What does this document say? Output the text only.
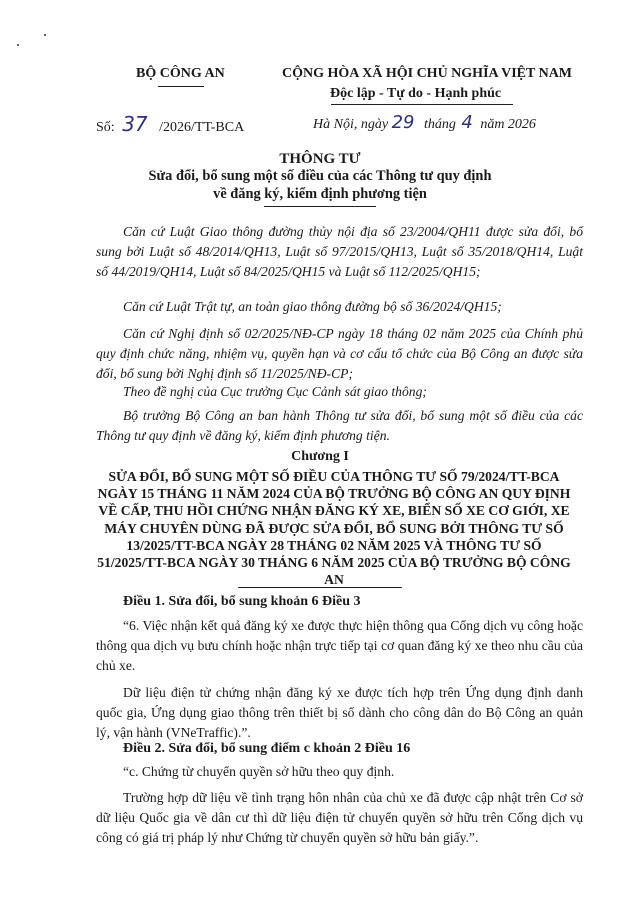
BỘ CÔNG AN	CỘNG HÒA XÃ HỘI CHỦ NGHĨA VIỆT NAM
Độc lập - Tự do - Hạnh phúc
Số: 37 /2026/TT-BCA	Hà Nội, ngày 29 tháng 4 năm 2026
THÔNG TƯ
Sửa đổi, bổ sung một số điều của các Thông tư quy định
về đăng ký, kiểm định phương tiện
Căn cứ Luật Giao thông đường thủy nội địa số 23/2004/QH11 được sửa đổi, bổ sung bởi Luật số 48/2014/QH13, Luật số 97/2015/QH13, Luật số 35/2018/QH14, Luật số 44/2019/QH14, Luật số 84/2025/QH15 và Luật số 112/2025/QH15;
Căn cứ Luật Trật tự, an toàn giao thông đường bộ số 36/2024/QH15;
Căn cứ Nghị định số 02/2025/NĐ-CP ngày 18 tháng 02 năm 2025 của Chính phủ quy định chức năng, nhiệm vụ, quyền hạn và cơ cấu tổ chức của Bộ Công an được sửa đổi, bổ sung bởi Nghị định số 11/2025/NĐ-CP;
Theo đề nghị của Cục trưởng Cục Cảnh sát giao thông;
Bộ trưởng Bộ Công an ban hành Thông tư sửa đổi, bổ sung một số điều của các Thông tư quy định về đăng ký, kiểm định phương tiện.
Chương I
SỬA ĐỔI, BỔ SUNG MỘT SỐ ĐIỀU CỦA THÔNG TƯ SỐ 79/2024/TT-BCA NGÀY 15 THÁNG 11 NĂM 2024 CỦA BỘ TRƯỞNG BỘ CÔNG AN QUY ĐỊNH VỀ CẤP, THU HỒI CHỨNG NHẬN ĐĂNG KÝ XE, BIỂN SỐ XE CƠ GIỚI, XE MÁY CHUYÊN DÙNG ĐÃ ĐƯỢC SỬA ĐỔI, BỔ SUNG BỞI THÔNG TƯ SỐ 13/2025/TT-BCA NGÀY 28 THÁNG 02 NĂM 2025 VÀ THÔNG TƯ SỐ 51/2025/TT-BCA NGÀY 30 THÁNG 6 NĂM 2025 CỦA BỘ TRƯỞNG BỘ CÔNG AN
Điều 1. Sửa đổi, bổ sung khoản 6 Điều 3
“6. Việc nhận kết quả đăng ký xe được thực hiện thông qua Cổng dịch vụ công hoặc thông qua dịch vụ bưu chính hoặc nhận trực tiếp tại cơ quan đăng ký xe theo nhu cầu của chủ xe.
Dữ liệu điện tử chứng nhận đăng ký xe được tích hợp trên Ứng dụng định danh quốc gia, Ứng dụng giao thông trên thiết bị số dành cho công dân do Bộ Công an quản lý, vận hành (VNeTraffic).”.
Điều 2. Sửa đổi, bổ sung điểm c khoản 2 Điều 16
“c. Chứng từ chuyển quyền sở hữu theo quy định.
Trường hợp dữ liệu về tình trạng hôn nhân của chủ xe đã được cập nhật trên Cơ sở dữ liệu Quốc gia về dân cư thì dữ liệu điện tử chuyển quyền sở hữu trên Cổng dịch vụ công có giá trị pháp lý như Chứng từ chuyển quyền sở hữu bản giấy.”.
